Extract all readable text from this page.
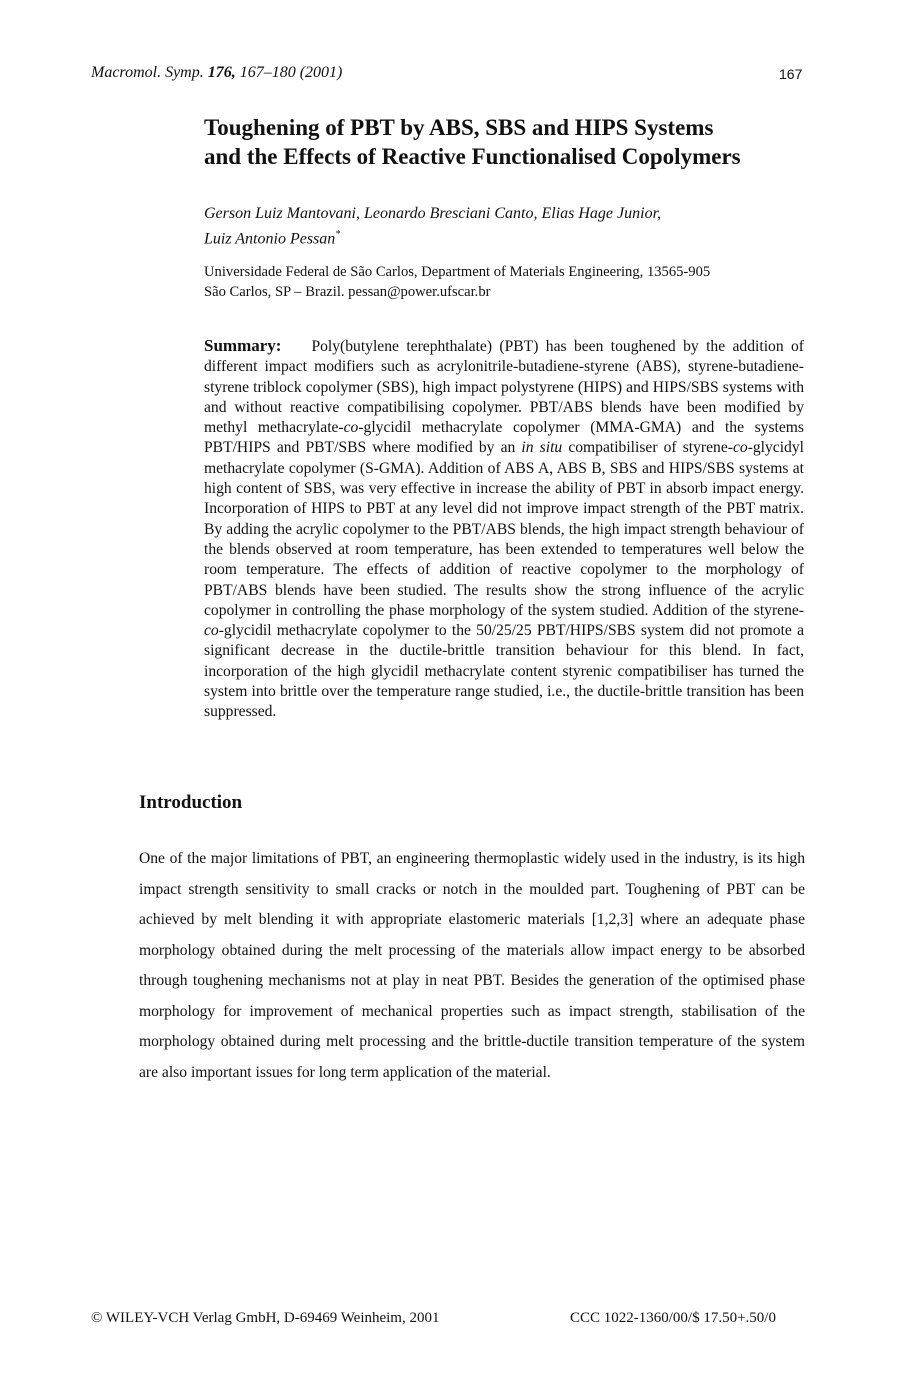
Macromol. Symp. 176, 167–180 (2001)	167
Toughening of PBT by ABS, SBS and HIPS Systems
and the Effects of Reactive Functionalised Copolymers
Gerson Luiz Mantovani, Leonardo Bresciani Canto, Elias Hage Junior,
Luiz Antonio Pessan*
Universidade Federal de São Carlos, Department of Materials Engineering, 13565-905
São Carlos, SP – Brazil. pessan@power.ufscar.br

Summary: Poly(butylene terephthalate) (PBT) has been toughened by the addition of different impact modifiers such as acrylonitrile-butadiene-styrene (ABS), styrene-butadiene-styrene triblock copolymer (SBS), high impact polystyrene (HIPS) and HIPS/SBS systems with and without reactive compatibilising copolymer. PBT/ABS blends have been modified by methyl methacrylate-co-glycidil methacrylate copolymer (MMA-GMA) and the systems PBT/HIPS and PBT/SBS where modified by an in situ compatibiliser of styrene-co-glycidyl methacrylate copolymer (S-GMA). Addition of ABS A, ABS B, SBS and HIPS/SBS systems at high content of SBS, was very effective in increase the ability of PBT in absorb impact energy. Incorporation of HIPS to PBT at any level did not improve impact strength of the PBT matrix. By adding the acrylic copolymer to the PBT/ABS blends, the high impact strength behaviour of the blends observed at room temperature, has been extended to temperatures well below the room temperature. The effects of addition of reactive copolymer to the morphology of PBT/ABS blends have been studied. The results show the strong influence of the acrylic copolymer in controlling the phase morphology of the system studied. Addition of the styrene-co-glycidil methacrylate copolymer to the 50/25/25 PBT/HIPS/SBS system did not promote a significant decrease in the ductile-brittle transition behaviour for this blend. In fact, incorporation of the high glycidil methacrylate content styrenic compatibiliser has turned the system into brittle over the temperature range studied, i.e., the ductile-brittle transition has been suppressed.

Introduction
One of the major limitations of PBT, an engineering thermoplastic widely used in the industry, is its high impact strength sensitivity to small cracks or notch in the moulded part. Toughening of PBT can be achieved by melt blending it with appropriate elastomeric materials [1,2,3] where an adequate phase morphology obtained during the melt processing of the materials allow impact energy to be absorbed through toughening mechanisms not at play in neat PBT. Besides the generation of the optimised phase morphology for improvement of mechanical properties such as impact strength, stabilisation of the morphology obtained during melt processing and the brittle-ductile transition temperature of the system are also important issues for long term application of the material.
© WILEY-VCH Verlag GmbH, D-69469 Weinheim, 2001	CCC 1022-1360/00/$ 17.50+.50/0
